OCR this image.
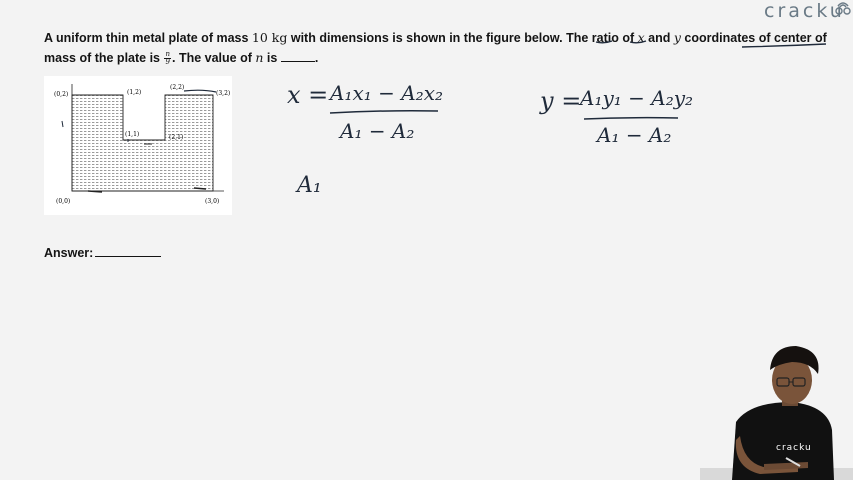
cracku
A uniform thin metal plate of mass 10 kg with dimensions is shown in the figure below. The ratio of x and y coordinates of center of mass of the plate is $\frac{n}{9}$ . The value of n is	.
(0,2)	(1,2)
(2,2)
(3,2)
(1,1)	(2,1)
(0,0)	(3,0)
Answer:
x = A₁x₁ − A₂x₂
A₁ − A₂
y =
A₁y₁ − A₂y₂
A₁ − A₂
A₁
cracku
